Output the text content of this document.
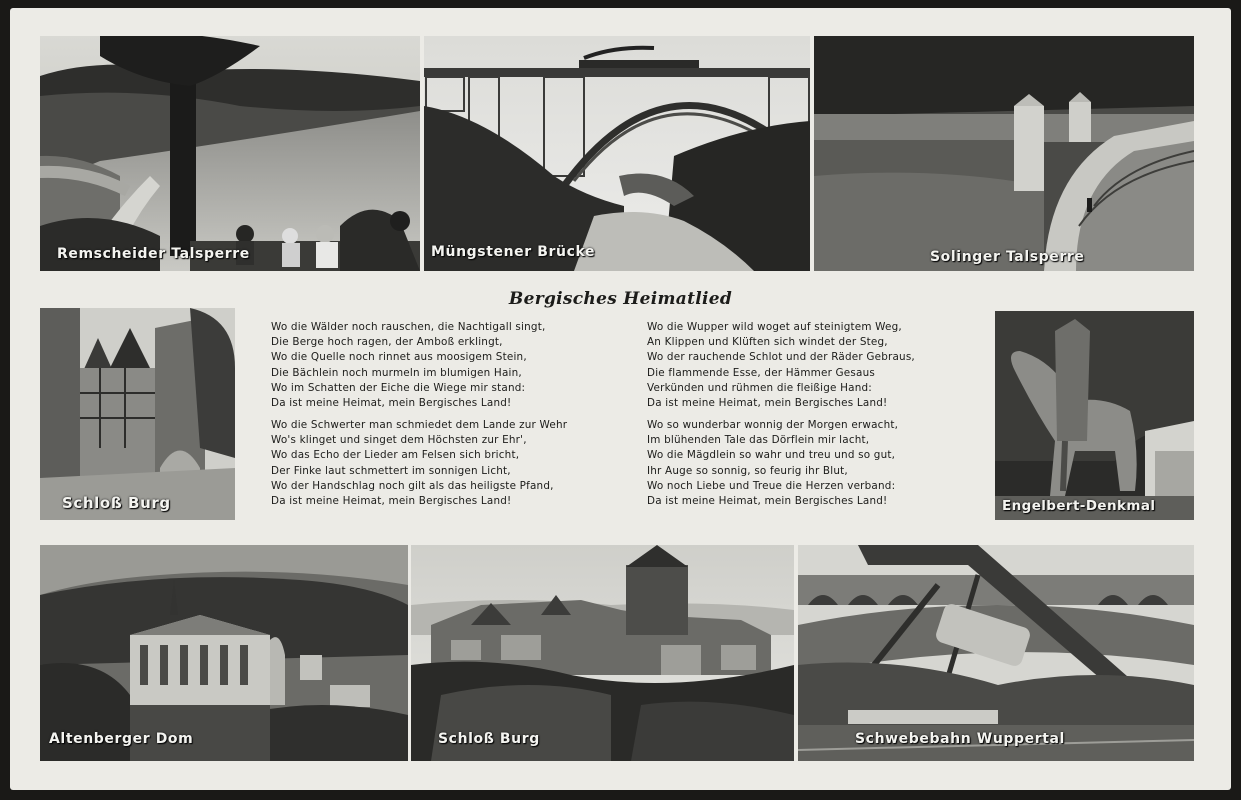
Remscheider Talsperre	Müngstener Brücke	Solinger Talsperre
Schloß Burg
Bergisches Heimatlied
Wo die Wälder noch rauschen, die Nachtigall singt,
Die Berge hoch ragen, der Amboß erklingt,
Wo die Quelle noch rinnet aus moosigem Stein,
Die Bächlein noch murmeln im blumigen Hain,
Wo im Schatten der Eiche die Wiege mir stand:
Da ist meine Heimat, mein Bergisches Land!
Wo die Schwerter man schmiedet dem Lande zur Wehr
Wo's klinget und singet dem Höchsten zur Ehr',
Wo das Echo der Lieder am Felsen sich bricht,
Der Finke laut schmettert im sonnigen Licht,
Wo der Handschlag noch gilt als das heiligste Pfand,
Da ist meine Heimat, mein Bergisches Land!
Wo die Wupper wild woget auf steinigtem Weg,
An Klippen und Klüften sich windet der Steg,
Wo der rauchende Schlot und der Räder Gebraus,
Die flammende Esse, der Hämmer Gesaus
Verkünden und rühmen die fleißige Hand:
Da ist meine Heimat, mein Bergisches Land!
Wo so wunderbar wonnig der Morgen erwacht,
Im blühenden Tale das Dörflein mir lacht,
Wo die Mägdlein so wahr und treu und so gut,
Ihr Auge so sonnig, so feurig ihr Blut,
Wo noch Liebe und Treue die Herzen verband:
Da ist meine Heimat, mein Bergisches Land!	Engelbert-Denkmal
Altenberger Dom	Schloß Burg	Schwebebahn Wuppertal
